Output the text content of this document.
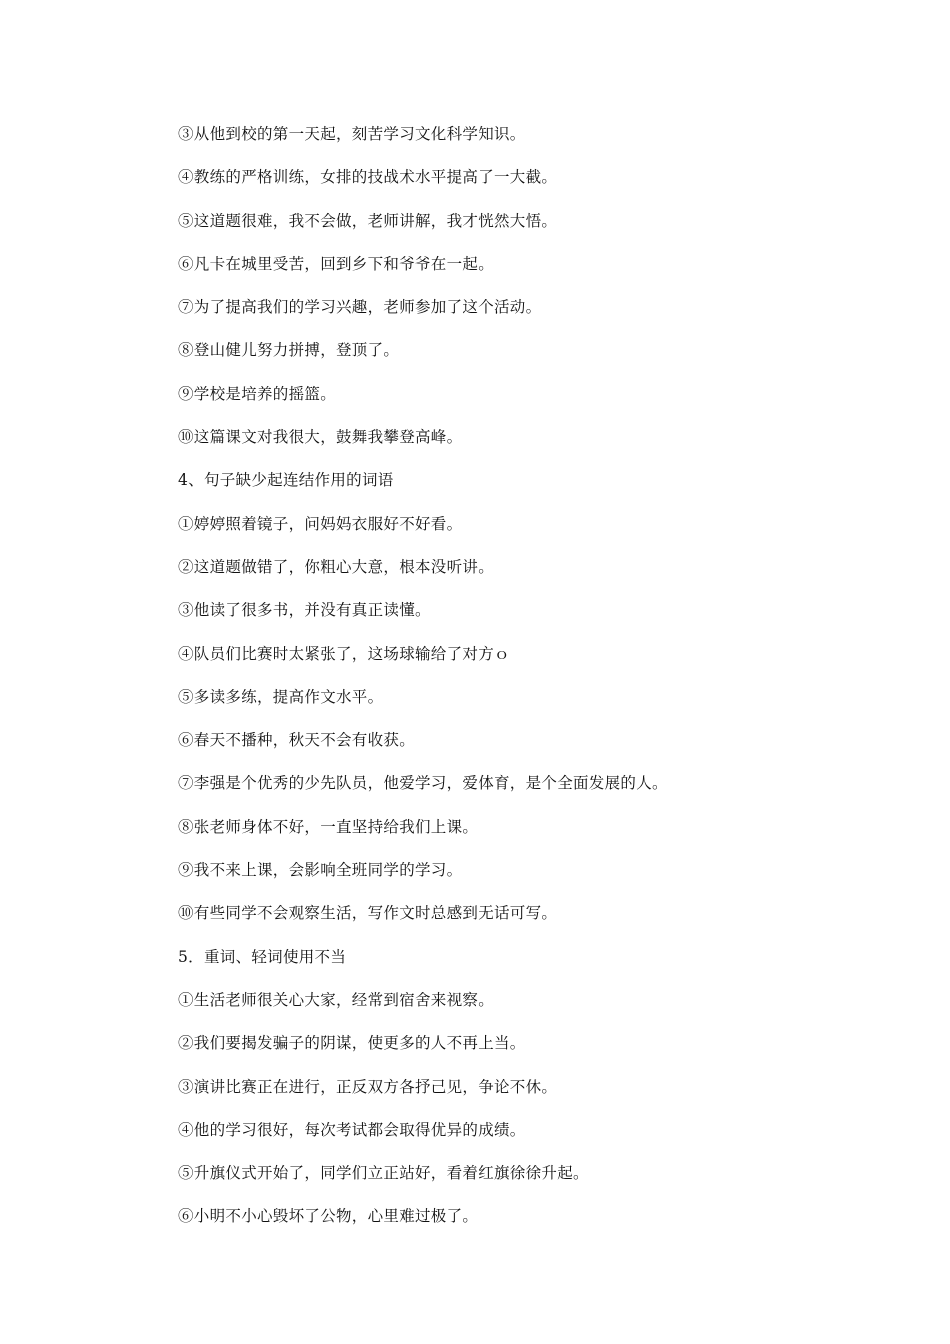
③从他到校的第一天起，刻苦学习文化科学知识。

④教练的严格训练，女排的技战术水平提高了一大截。

⑤这道题很难，我不会做，老师讲解，我才恍然大悟。

⑥凡卡在城里受苦，回到乡下和爷爷在一起。

⑦为了提高我们的学习兴趣，老师参加了这个活动。

⑧登山健儿努力拼搏，登顶了。

⑨学校是培养的摇篮。

⑩这篇课文对我很大，鼓舞我攀登高峰。

4、句子缺少起连结作用的词语

①婷婷照着镜子，问妈妈衣服好不好看。

②这道题做错了，你粗心大意，根本没听讲。

③他读了很多书，并没有真正读懂。

④队员们比赛时太紧张了，这场球输给了对方ｏ

⑤多读多练，提高作文水平。

⑥春天不播种，秋天不会有收获。

⑦李强是个优秀的少先队员，他爱学习，爱体育，是个全面发展的人。

⑧张老师身体不好，一直坚持给我们上课。

⑨我不来上课，会影响全班同学的学习。

⑩有些同学不会观察生活，写作文时总感到无话可写。

5．重词、轻词使用不当

①生活老师很关心大家，经常到宿舍来视察。

②我们要揭发骗子的阴谋，使更多的人不再上当。

③演讲比赛正在进行，正反双方各抒己见，争论不休。

④他的学习很好，每次考试都会取得优异的成绩。

⑤升旗仪式开始了，同学们立正站好，看着红旗徐徐升起。

⑥小明不小心毁坏了公物，心里难过极了。
